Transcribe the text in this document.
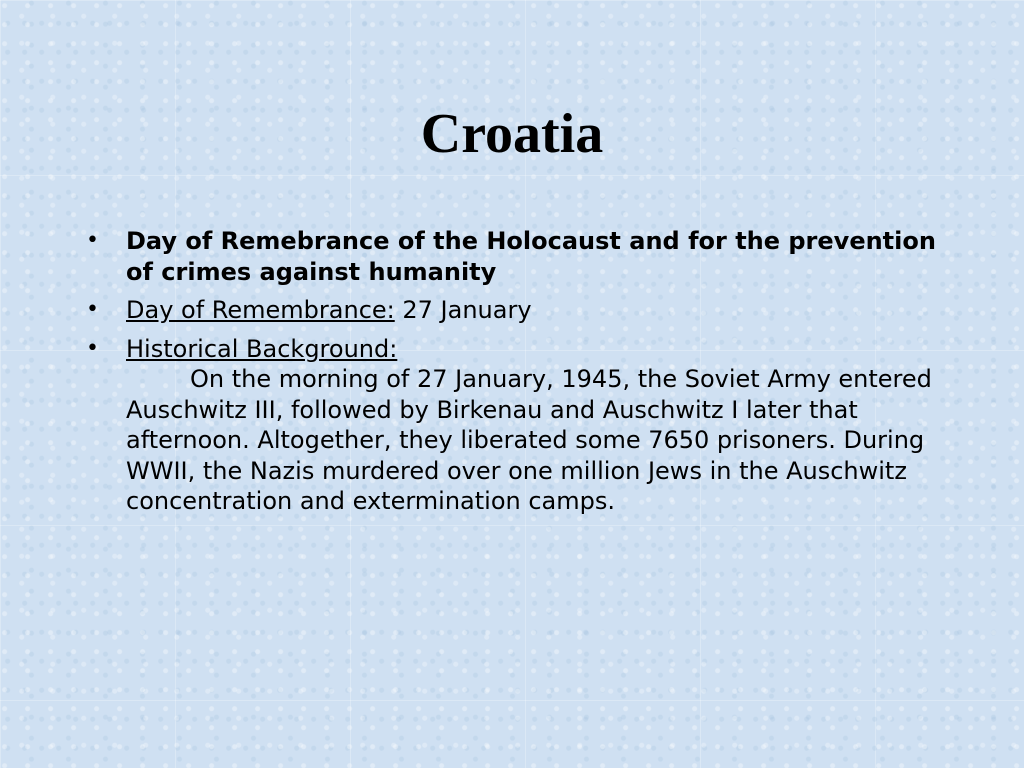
Croatia
• Day of Remebrance of the Holocaust and for the prevention of crimes against humanity
• Day of Remembrance: 27 January
• Historical Background:
On the morning of 27 January, 1945, the Soviet Army entered Auschwitz III, followed by Birkenau and Auschwitz I later that afternoon. Altogether, they liberated some 7650 prisoners. During WWII, the Nazis murdered over one million Jews in the Auschwitz concentration and extermination camps.
